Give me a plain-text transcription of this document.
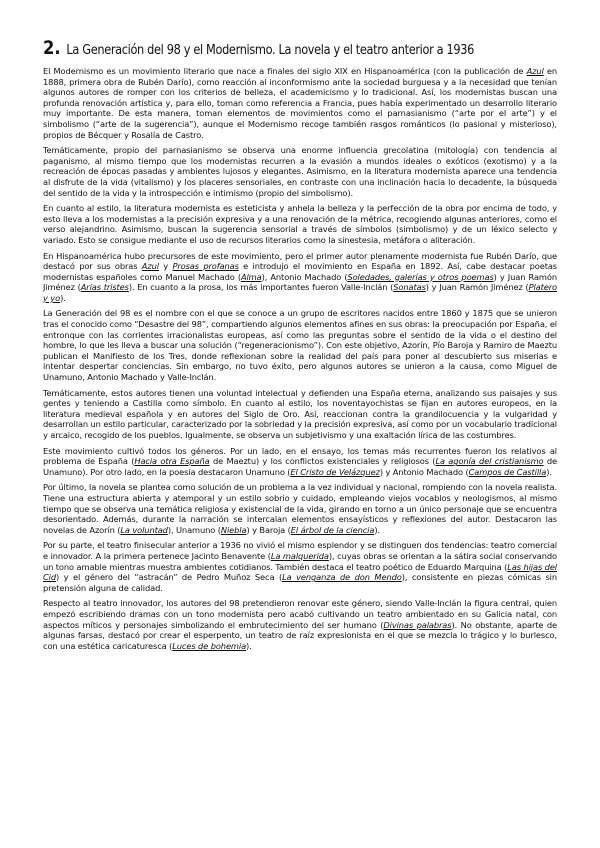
2. La Generación del 98 y el Modernismo. La novela y el teatro anterior a 1936

El Modernismo es un movimiento literario que nace a finales del siglo XIX en Hispanoamérica (con la publicación de Azul en 1888, primera obra de Rubén Darío), como reacción al inconformismo ante la sociedad burguesa y a la necesidad que tenían algunos autores de romper con los criterios de belleza, el academicismo y lo tradicional. Así, los modernistas buscan una profunda renovación artística y, para ello, toman como referencia a Francia, pues había experimentado un desarrollo literario muy importante. De esta manera, toman elementos de movimientos como el parnasianismo (“arte por el arte”) y el simbolismo (“arte de la sugerencia”), aunque el Modernismo recoge también rasgos románticos (lo pasional y misterioso), propios de Bécquer y Rosalía de Castro.

Temáticamente, propio del parnasianismo se observa una enorme influencia grecolatina (mitología) con tendencia al paganismo, al mismo tiempo que los modernistas recurren a la evasión a mundos ideales o exóticos (exotismo) y a la recreación de épocas pasadas y ambientes lujosos y elegantes. Asimismo, en la literatura modernista aparece una tendencia al disfrute de la vida (vitalismo) y los placeres sensoriales, en contraste con una inclinación hacia lo decadente, la búsqueda del sentido de la vida y la introspección e intimismo (propio del simbolismo).

En cuanto al estilo, la literatura modernista es esteticista y anhela la belleza y la perfección de la obra por encima de todo, y esto lleva a los modernistas a la precisión expresiva y a una renovación de la métrica, recogiendo algunas anteriores, como el verso alejandrino. Asimismo, buscan la sugerencia sensorial a través de símbolos (simbolismo) y de un léxico selecto y variado. Esto se consigue mediante el uso de recursos literarios como la sinestesia, metáfora o aliteración.

En Hispanoamérica hubo precursores de este movimiento, pero el primer autor plenamente modernista fue Rubén Darío, que destacó por sus obras Azul y Prosas profanas e introdujo el movimiento en España en 1892. Así, cabe destacar poetas modernistas españoles como Manuel Machado (Alma), Antonio Machado (Soledades, galerías y otros poemas) y Juan Ramón Jiménez (Arias tristes). En cuanto a la prosa, los más importantes fueron Valle-Inclán (Sonatas) y Juan Ramón Jiménez (Platero y yo).

La Generación del 98 es el nombre con el que se conoce a un grupo de escritores nacidos entre 1860 y 1875 que se unieron tras el conocido como “Desastre del 98”, compartiendo algunos elementos afines en sus obras: la preocupación por España, el entronque con las corrientes irracionalistas europeas, así como las preguntas sobre el sentido de la vida o el destino del hombre, lo que les lleva a buscar una solución (“regeneracionismo”). Con este objetivo, Azorín, Pío Baroja y Ramiro de Maeztu publican el Manifiesto de los Tres, donde reflexionan sobre la realidad del país para poner al descubierto sus miserias e intentar despertar conciencias. Sin embargo, no tuvo éxito, pero algunos autores se unieron a la causa, como Miguel de Unamuno, Antonio Machado y Valle-Inclán.

Temáticamente, estos autores tienen una voluntad intelectual y defienden una España eterna, analizando sus paisajes y sus gentes y teniendo a Castilla como símbolo. En cuanto al estilo, los noventayochistas se fijan en autores europeos, en la literatura medieval española y en autores del Siglo de Oro. Así, reaccionan contra la grandilocuencia y la vulgaridad y desarrollan un estilo particular, caracterizado por la sobriedad y la precisión expresiva, así como por un vocabulario tradicional y arcaico, recogido de los pueblos. Igualmente, se observa un subjetivismo y una exaltación lírica de las costumbres.

Este movimiento cultivó todos los géneros. Por un lado, en el ensayo, los temas más recurrentes fueron los relativos al problema de España (Hacia otra España de Maeztu) y los conflictos existenciales y religiosos (La agonía del cristianismo de Unamuno). Por otro lado, en la poesía destacaron Unamuno (El Cristo de Velázquez) y Antonio Machado (Campos de Castilla).

Por último, la novela se plantea como solución de un problema a la vez individual y nacional, rompiendo con la novela realista. Tiene una estructura abierta y atemporal y un estilo sobrio y cuidado, empleando viejos vocablos y neologismos, al mismo tiempo que se observa una temática religiosa y existencial de la vida, girando en torno a un único personaje que se encuentra desorientado. Además, durante la narración se intercalan elementos ensayísticos y reflexiones del autor. Destacaron las novelas de Azorín (La voluntad), Unamuno (Niebla) y Baroja (El árbol de la ciencia).

Por su parte, el teatro finisecular anterior a 1936 no vivió el mismo esplendor y se distinguen dos tendencias: teatro comercial e innovador. A la primera pertenece Jacinto Benavente (La malquerida), cuyas obras se orientan a la sátira social conservando un tono amable mientras muestra ambientes cotidianos. También destaca el teatro poético de Eduardo Marquina (Las hijas del Cid) y el género del “astracán” de Pedro Muñoz Seca (La venganza de don Mendo), consistente en piezas cómicas sin pretensión alguna de calidad.

Respecto al teatro innovador, los autores del 98 pretendieron renovar este género, siendo Valle-Inclán la figura central, quien empezó escribiendo dramas con un tono modernista pero acabó cultivando un teatro ambientado en su Galicia natal, con aspectos míticos y personajes simbolizando el embrutecimiento del ser humano (Divinas palabras). No obstante, aparte de algunas farsas, destacó por crear el esperpento, un teatro de raíz expresionista en el que se mezcla lo trágico y lo burlesco, con una estética caricaturesca (Luces de bohemia).
